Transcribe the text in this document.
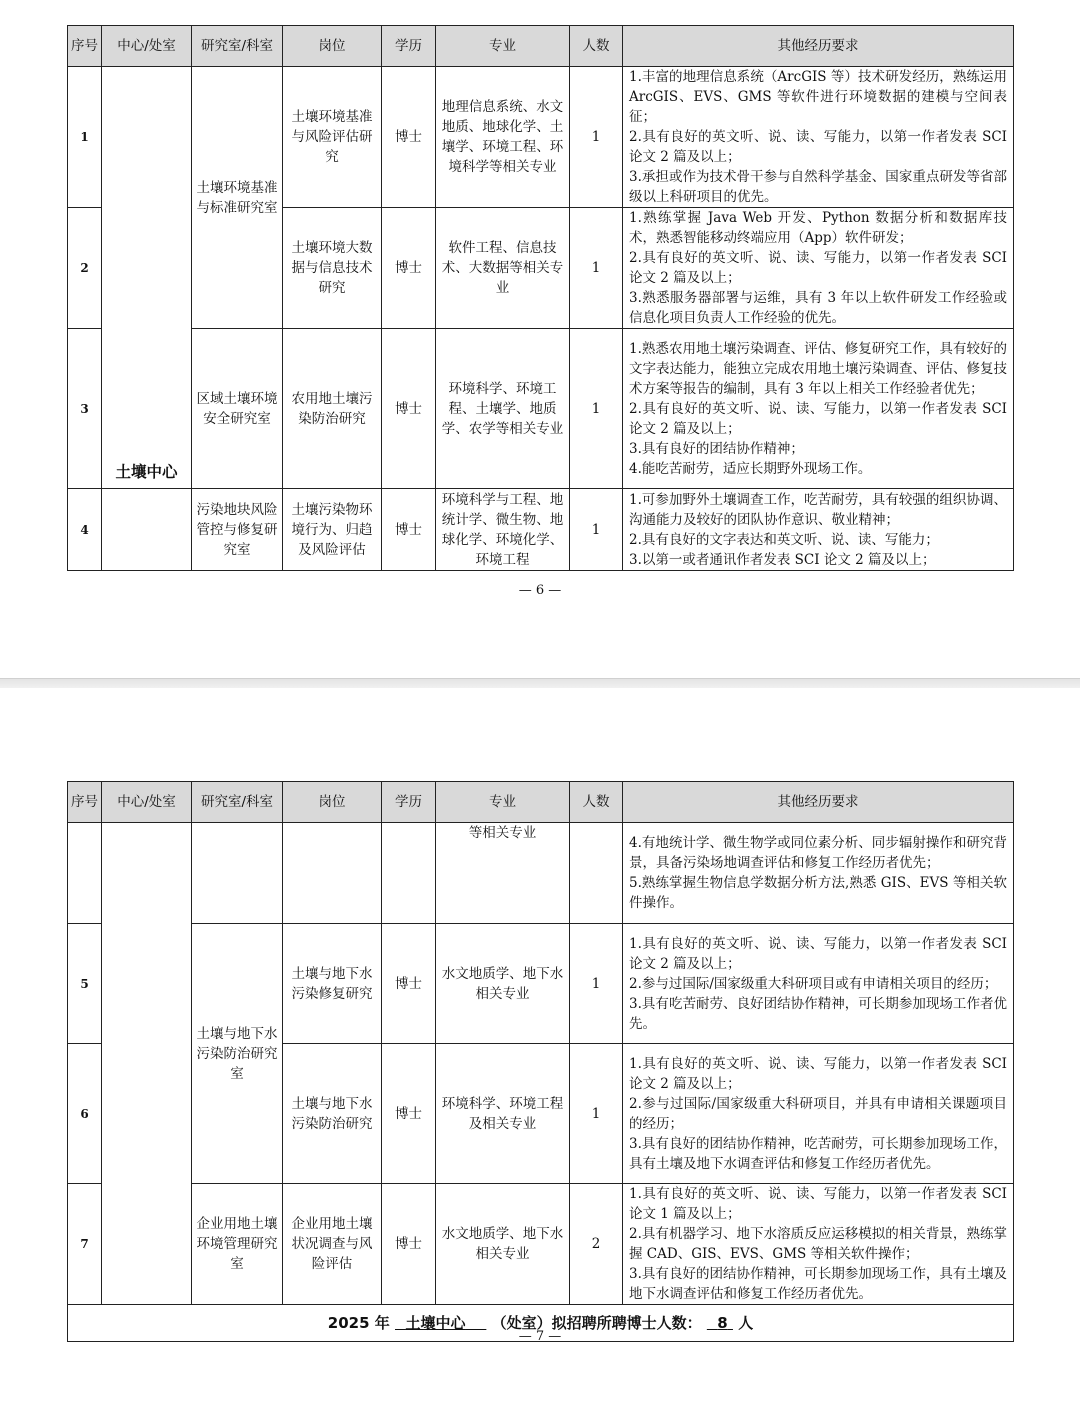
序号	中心/处室	研究室/科室	岗位	学历	专业	人数	其他经历要求
1	土壤中心	土壤环境基准与标准研究室	土壤环境基准与风险评估研究	博士	地理信息系统、水文地质、地球化学、土壤学、环境工程、环境科学等相关专业	1	1.丰富的地理信息系统（ArcGIS 等）技术研发经历，熟练运用 ArcGIS、EVS、GMS 等软件进行环境数据的建模与空间表征；
2.具有良好的英文听、说、读、写能力，以第一作者发表 SCI 论文 2 篇及以上；
3.承担或作为技术骨干参与自然科学基金、国家重点研发等省部级以上科研项目的优先。

2			土壤环境大数据与信息技术研究	博士	软件工程、信息技术、大数据等相关专业	1	1.熟练掌握 Java Web 开发、Python 数据分析和数据库技术，熟悉智能移动终端应用（App）软件研发；
2.具有良好的英文听、说、读、写能力，以第一作者发表 SCI 论文 2 篇及以上；
3.熟悉服务器部署与运维，具有 3 年以上软件研发工作经验或信息化项目负责人工作经验的优先。

3		区域土壤环境安全研究室	农用地土壤污染防治研究	博士	环境科学、环境工程、土壤学、地质学、农学等相关专业	1	1.熟悉农用地土壤污染调查、评估、修复研究工作，具有较好的文字表达能力，能独立完成农用地土壤污染调查、评估、修复技术方案等报告的编制，具有 3 年以上相关工作经验者优先；
2.具有良好的英文听、说、读、写能力，以第一作者发表 SCI 论文 2 篇及以上；
3.具有良好的团结协作精神；
4.能吃苦耐劳，适应长期野外现场工作。

4		污染地块风险管控与修复研究室	土壤污染物环境行为、归趋及风险评估	博士	环境科学与工程、地统计学、微生物、地球化学、环境化学、环境工程	1	1.可参加野外土壤调查工作，吃苦耐劳，具有较强的组织协调、沟通能力及较好的团队协作意识、敬业精神；
2.具有良好的文字表达和英文听、说、读、写能力；
3.以第一或者通讯作者发表 SCI 论文 2 篇及以上；
— 6 —
序号	中心/处室	研究室/科室	岗位	学历	专业	人数	其他经历要求
					等相关专业		4.有地统计学、微生物学或同位素分析、同步辐射操作和研究背景，具备污染场地调查评估和修复工作经历者优先；
5.熟练掌握生物信息学数据分析方法,熟悉 GIS、EVS 等相关软件操作。

5		土壤与地下水污染防治研究室	土壤与地下水污染修复研究	博士	水文地质学、地下水相关专业	1	1.具有良好的英文听、说、读、写能力，以第一作者发表 SCI 论文 2 篇及以上；
2.参与过国际/国家级重大科研项目或有申请相关项目的经历；
3.具有吃苦耐劳、良好团结协作精神，可长期参加现场工作者优先。

6			土壤与地下水污染防治研究	博士	环境科学、环境工程及相关专业	1	1.具有良好的英文听、说、读、写能力，以第一作者发表 SCI 论文 2 篇及以上；
2.参与过国际/国家级重大科研项目，并具有申请相关课题项目的经历；
3.具有良好的团结协作精神，吃苦耐劳，可长期参加现场工作，具有土壤及地下水调查评估和修复工作经历者优先。

7		企业用地土壤环境管理研究室	企业用地土壤状况调查与风险评估	博士	水文地质学、地下水相关专业	2	1.具有良好的英文听、说、读、写能力，以第一作者发表 SCI 论文 1 篇及以上；
2.具有机器学习、地下水溶质反应运移模拟的相关背景，熟练掌握 CAD、GIS、EVS、GMS 等相关软件操作；
3.具有良好的团结协作精神，可长期参加现场工作，具有土壤及地下水调查评估和修复工作经历者优先。

2025 年 土壤中心 （处室）拟招聘所聘博士人数： 8 人							
— 7 —
